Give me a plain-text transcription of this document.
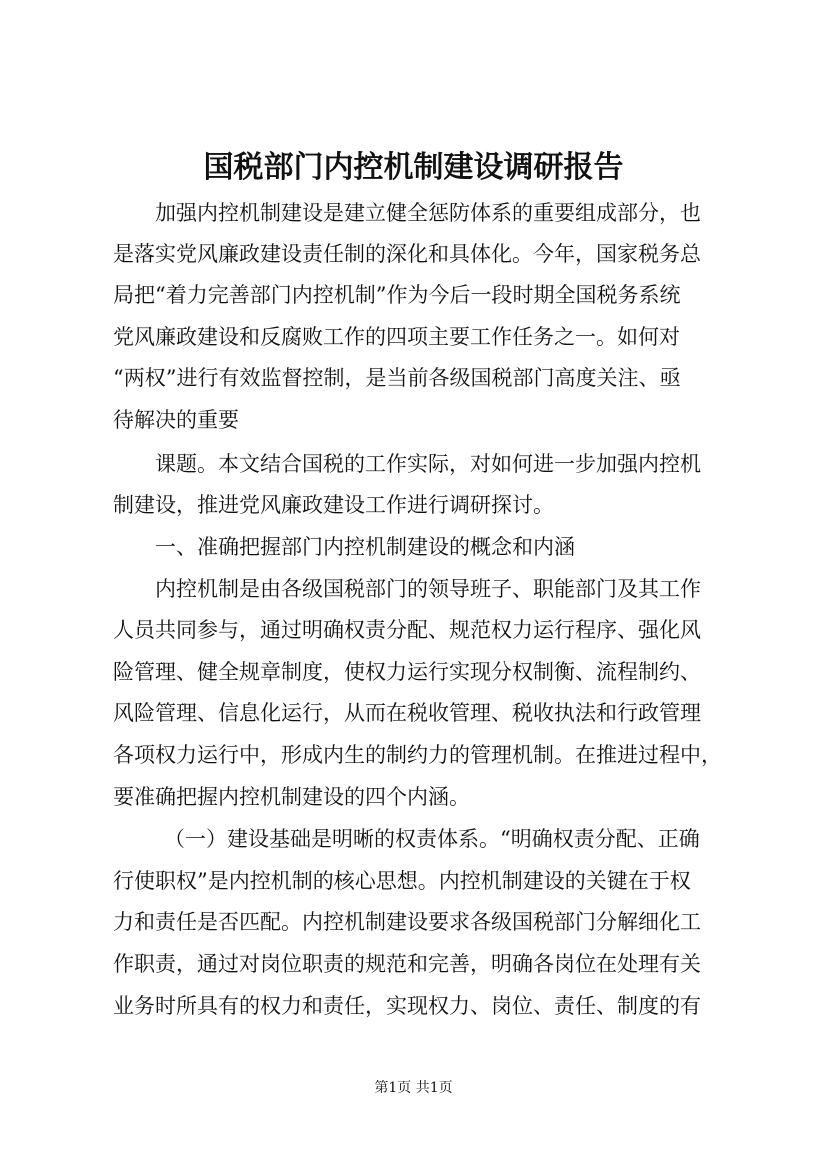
国税部门内控机制建设调研报告

加强内控机制建设是建立健全惩防体系的重要组成部分，也

是落实党风廉政建设责任制的深化和具体化。今年，国家税务总

局把“着力完善部门内控机制”作为今后一段时期全国税务系统

党风廉政建设和反腐败工作的四项主要工作任务之一。如何对

“两权”进行有效监督控制，是当前各级国税部门高度关注、亟

待解决的重要

课题。本文结合国税的工作实际，对如何进一步加强内控机

制建设，推进党风廉政建设工作进行调研探讨。

一、准确把握部门内控机制建设的概念和内涵

内控机制是由各级国税部门的领导班子、职能部门及其工作

人员共同参与，通过明确权责分配、规范权力运行程序、强化风

险管理、健全规章制度，使权力运行实现分权制衡、流程制约、

风险管理、信息化运行，从而在税收管理、税收执法和行政管理

各项权力运行中，形成内生的制约力的管理机制。在推进过程中，

要准确把握内控机制建设的四个内涵。

（一）建设基础是明晰的权责体系。“明确权责分配、正确

行使职权”是内控机制的核心思想。内控机制建设的关键在于权

力和责任是否匹配。内控机制建设要求各级国税部门分解细化工

作职责，通过对岗位职责的规范和完善，明确各岗位在处理有关

业务时所具有的权力和责任，实现权力、岗位、责任、制度的有

第1页 共1页
